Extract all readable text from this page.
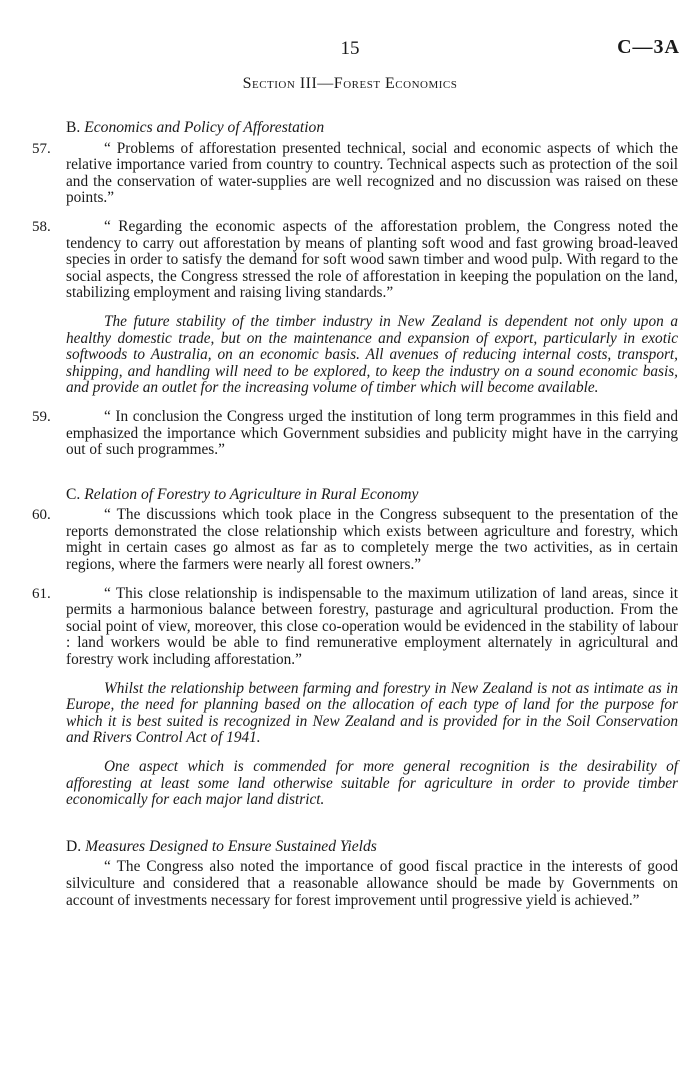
15	C—3A
Section III—Forest Economics
B. Economics and Policy of Afforestation
57.	“ Problems of afforestation presented technical, social and economic aspects of which the relative importance varied from country to country. Technical aspects such as protection of the soil and the conservation of water-supplies are well recognized and no discussion was raised on these points.”
58.	“ Regarding the economic aspects of the afforestation problem, the Congress noted the tendency to carry out afforestation by means of planting soft wood and fast growing broad-leaved species in order to satisfy the demand for soft wood sawn timber and wood pulp. With regard to the social aspects, the Congress stressed the role of afforestation in keeping the population on the land, stabilizing employment and raising living standards.”
The future stability of the timber industry in New Zealand is dependent not only upon a healthy domestic trade, but on the maintenance and expansion of export, particularly in exotic softwoods to Australia, on an economic basis. All avenues of reducing internal costs, transport, shipping, and handling will need to be explored, to keep the industry on a sound economic basis, and provide an outlet for the increasing volume of timber which will become available.
59.	“ In conclusion the Congress urged the institution of long term programmes in this field and emphasized the importance which Government subsidies and publicity might have in the carrying out of such programmes.”
C. Relation of Forestry to Agriculture in Rural Economy
60.	“ The discussions which took place in the Congress subsequent to the presentation of the reports demonstrated the close relationship which exists between agriculture and forestry, which might in certain cases go almost as far as to completely merge the two activities, as in certain regions, where the farmers were nearly all forest owners.”
61.	“ This close relationship is indispensable to the maximum utilization of land areas, since it permits a harmonious balance between forestry, pasturage and agricultural production. From the social point of view, moreover, this close co-operation would be evidenced in the stability of labour : land workers would be able to find remunerative employment alternately in agricultural and forestry work including afforestation.”
Whilst the relationship between farming and forestry in New Zealand is not as intimate as in Europe, the need for planning based on the allocation of each type of land for the purpose for which it is best suited is recognized in New Zealand and is provided for in the Soil Conservation and Rivers Control Act of 1941.
One aspect which is commended for more general recognition is the desirability of afforesting at least some land otherwise suitable for agriculture in order to provide timber economically for each major land district.
D. Measures Designed to Ensure Sustained Yields
“ The Congress also noted the importance of good fiscal practice in the interests of good silviculture and considered that a reasonable allowance should be made by Governments on account of investments necessary for forest improvement until progressive yield is achieved.”
